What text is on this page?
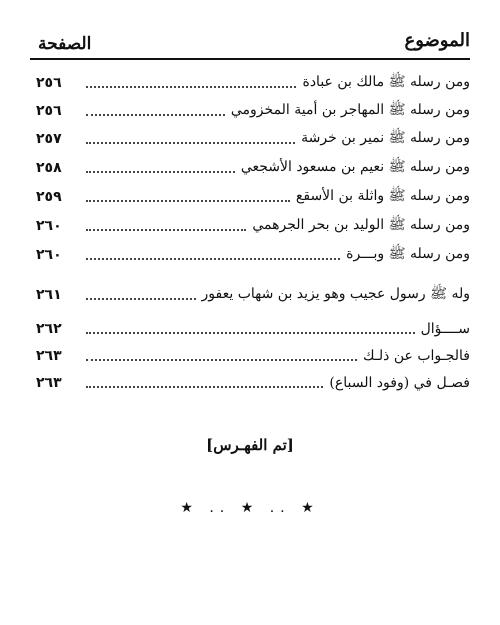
الصفحة	الموضوع
٢٥٦	ومن رسله ﷺ مالك بن عبادة
٢٥٦	ومن رسله ﷺ المهاجر بن أمية المخزومي
٢٥٧	ومن رسله ﷺ نمير بن خرشة
٢٥٨	ومن رسله ﷺ نعيم بن مسعود الأشجعي
٢٥٩	ومن رسله ﷺ واثلة بن الأسقع
٢٦٠	ومن رسله ﷺ الوليد بن بحر الجرهمي
٢٦٠	ومن رسله ﷺ وبـــرة
٢٦١	وله ﷺ رسول عجيب وهو يزيد بن شهاب يعفور
٢٦٢	ســــؤال
٢٦٣	فالجـواب عن ذلـك
٢٦٣	فصـل في (وفود السباع)
[تم الفهـرس]
★ .. ★ .. ★
